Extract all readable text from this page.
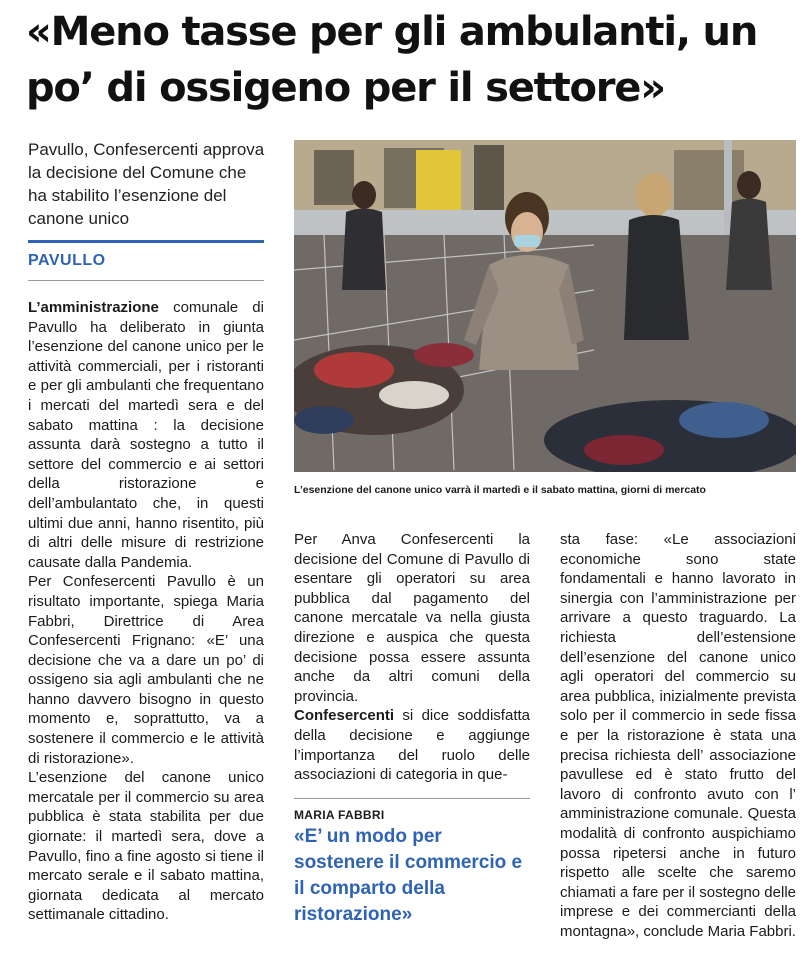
«Meno tasse per gli ambulanti, un po’ di ossigeno per il settore»
Pavullo, Confesercenti approva la decisione del Comune che ha stabilito l’esenzione del canone unico
PAVULLO

L’amministrazione comunale di Pavullo ha deliberato in giunta l’esenzione del canone unico per le attività commerciali, per i ristoranti e per gli ambulanti che frequentano i mercati del martedì sera e del sabato mattina : la decisione assunta darà sostegno a tutto il settore del commercio e ai settori della ristorazione e dell’ambulantato che, in questi ultimi due anni, hanno risentito, più di altri delle misure di restrizione causate dalla Pandemia.

Per Confesercenti Pavullo è un risultato importante, spiega Maria Fabbri, Direttrice di Area Confesercenti Frignano: «E’ una decisione che va a dare un po’ di ossigeno sia agli ambulanti che ne hanno davvero bisogno in questo momento e, soprattutto, va a sostenere il commercio e le attività di ristorazione».

L’esenzione del canone unico mercatale per il commercio su area pubblica è stata stabilita per due giornate: il martedì sera, dove a Pavullo, fino a fine agosto si tiene il mercato serale e il sabato mattina, giornata dedicata al mercato settimanale cittadino.

L’esenzione del canone unico varrà il martedì e il sabato mattina, giorni di mercato

Per Anva Confesercenti la decisione del Comune di Pavullo di esentare gli operatori su area pubblica dal pagamento del canone mercatale va nella giusta direzione e auspica che questa decisione possa essere assunta anche da altri comuni della provincia.

Confesercenti si dice soddisfatta della decisione e aggiunge l’importanza del ruolo delle associazioni di categoria in que-

MARIA FABBRI
«E’ un modo per sostenere il commercio e il comparto della ristorazione»

sta fase: «Le associazioni economiche sono state fondamentali e hanno lavorato in sinergia con l’amministrazione per arrivare a questo traguardo. La richiesta dell’estensione dell’esenzione del canone unico agli operatori del commercio su area pubblica, inizialmente prevista solo per il commercio in sede fissa e per la ristorazione è stata una precisa richiesta dell’ associazione pavullese ed è stato frutto del lavoro di confronto avuto con l’ amministrazione comunale. Questa modalità di confronto auspichiamo possa ripetersi anche in futuro rispetto alle scelte che saremo chiamati a fare per il sostegno delle imprese e dei commercianti della montagna», conclude Maria Fabbri.
